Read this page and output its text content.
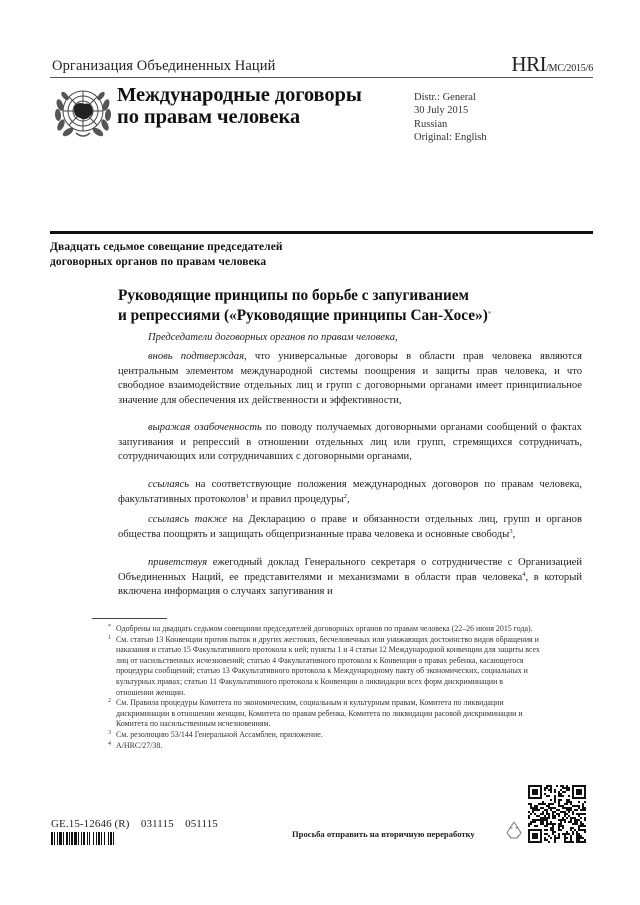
Организация Объединенных Наций	HRI/MC/2015/6
Международные договоры
по правам человека
Distr.: General
30 July 2015
Russian
Original: English
Двадцать седьмое совещание председателей
договорных органов по правам человека
Руководящие принципы по борьбе с запугиванием
и репрессиями («Руководящие принципы Сан-Хосе»)*
Председатели договорных органов по правам человека,
вновь подтверждая, что универсальные договоры в области прав человека являются центральным элементом международной системы поощрения и защиты прав человека, и что свободное взаимодействие отдельных лиц и групп с договорными органами имеет принципиальное значение для обеспечения их действенности и эффективности,
выражая озабоченность по поводу получаемых договорными органами сообщений о фактах запугивания и репрессий в отношении отдельных лиц или групп, стремящихся сотрудничать, сотрудничающих или сотрудничавших с договорными органами,
ссылаясь на соответствующие положения международных договоров по правам человека, факультативных протоколов$^1$ и правил процедуры$^2$,
ссылаясь также на Декларацию о праве и обязанности отдельных лиц, групп и органов общества поощрять и защищать общепризнанные права человека и основные свободы$^3$,
приветствуя ежегодный доклад Генерального секретаря о сотрудничестве с Организацией Объединенных Наций, ее представителями и механизмами в области прав человека$^4$, в который включена информация о случаях запугивания и
* Одобрены на двадцать седьмом совещании председателей договорных органов по правам человека (22–26 июня 2015 года).
1 См. статью 13 Конвенции против пыток и других жестоких, бесчеловечных или унижающих достоинство видов обращения и наказания и статью 15 Факультативного протокола к ней; пункты 1 и 4 статьи 12 Международной конвенции для защиты всех лиц от насильственных исчезновений; статью 4 Факультативного протокола к Конвенции о правах ребенка, касающегося процедуры сообщений; статью 13 Факультативного протокола к Международному пакту об экономических, социальных и культурных правах; статью 11 Факультативного протокола к Конвенции о ликвидации всех форм дискриминации в отношении женщин.
2 См. Правила процедуры Комитета по экономическим, социальным и культурным правам, Комитета по ликвидации дискриминации в отношении женщин, Комитета по правам ребенка, Комитета по ликвидации расовой дискриминации и Комитета по насильственным исчезновениям.
3 См. резолюцию 53/144 Генеральной Ассамблеи, приложение.
4 A/HRC/27/38.
GE.15-12646 (R) 031115 051115
Просьба отправить на вторичную переработку
